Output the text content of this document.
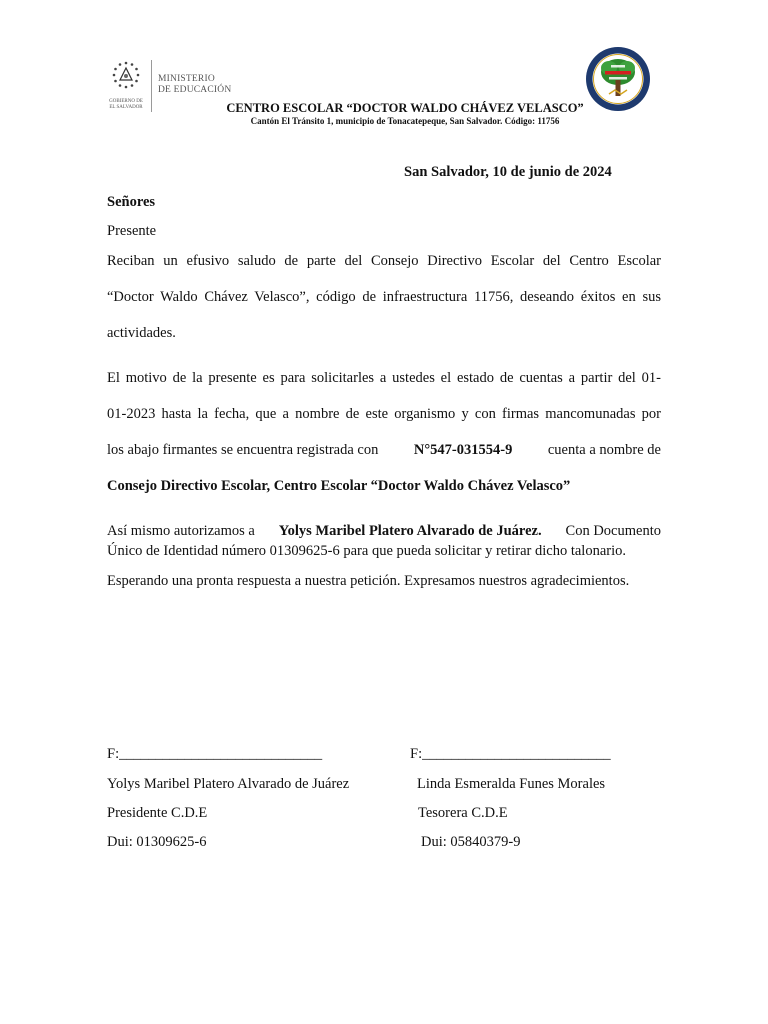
MINISTERIO
DE EDUCACIÓN
GOBIERNO DE
EL SALVADOR	CENTRO ESCOLAR “DOCTOR WALDO CHÁVEZ VELASCO”
Cantón El Tránsito 1, municipio de Tonacatepeque, San Salvador. Código: 11756
San Salvador, 10 de junio de 2024
Señores
Presente
Reciban un efusivo saludo de parte del Consejo Directivo Escolar del Centro Escolar
“Doctor Waldo Chávez Velasco”, código de infraestructura 11756, deseando éxitos en sus
actividades.
El motivo de la presente es para solicitarles a ustedes el estado de cuentas a partir del 01-
01-2023 hasta la fecha, que a nombre de este organismo y con firmas mancomunadas por
los abajo firmantes se encuentra registrada con N°547-031554-9 cuenta a nombre de
Consejo Directivo Escolar, Centro Escolar “Doctor Waldo Chávez Velasco”
Así mismo autorizamos a Yolys Maribel Platero Alvarado de Juárez. Con Documento
Único de Identidad número 01309625-6 para que pueda solicitar y retirar dicho talonario.
Esperando una pronta respuesta a nuestra petición. Expresamos nuestros agradecimientos.
F:____________________________
Yolys Maribel Platero Alvarado de Juárez
Presidente C.D.E
Dui: 01309625-6
F:__________________________
Linda Esmeralda Funes Morales
Tesorera C.D.E
Dui: 05840379-9
